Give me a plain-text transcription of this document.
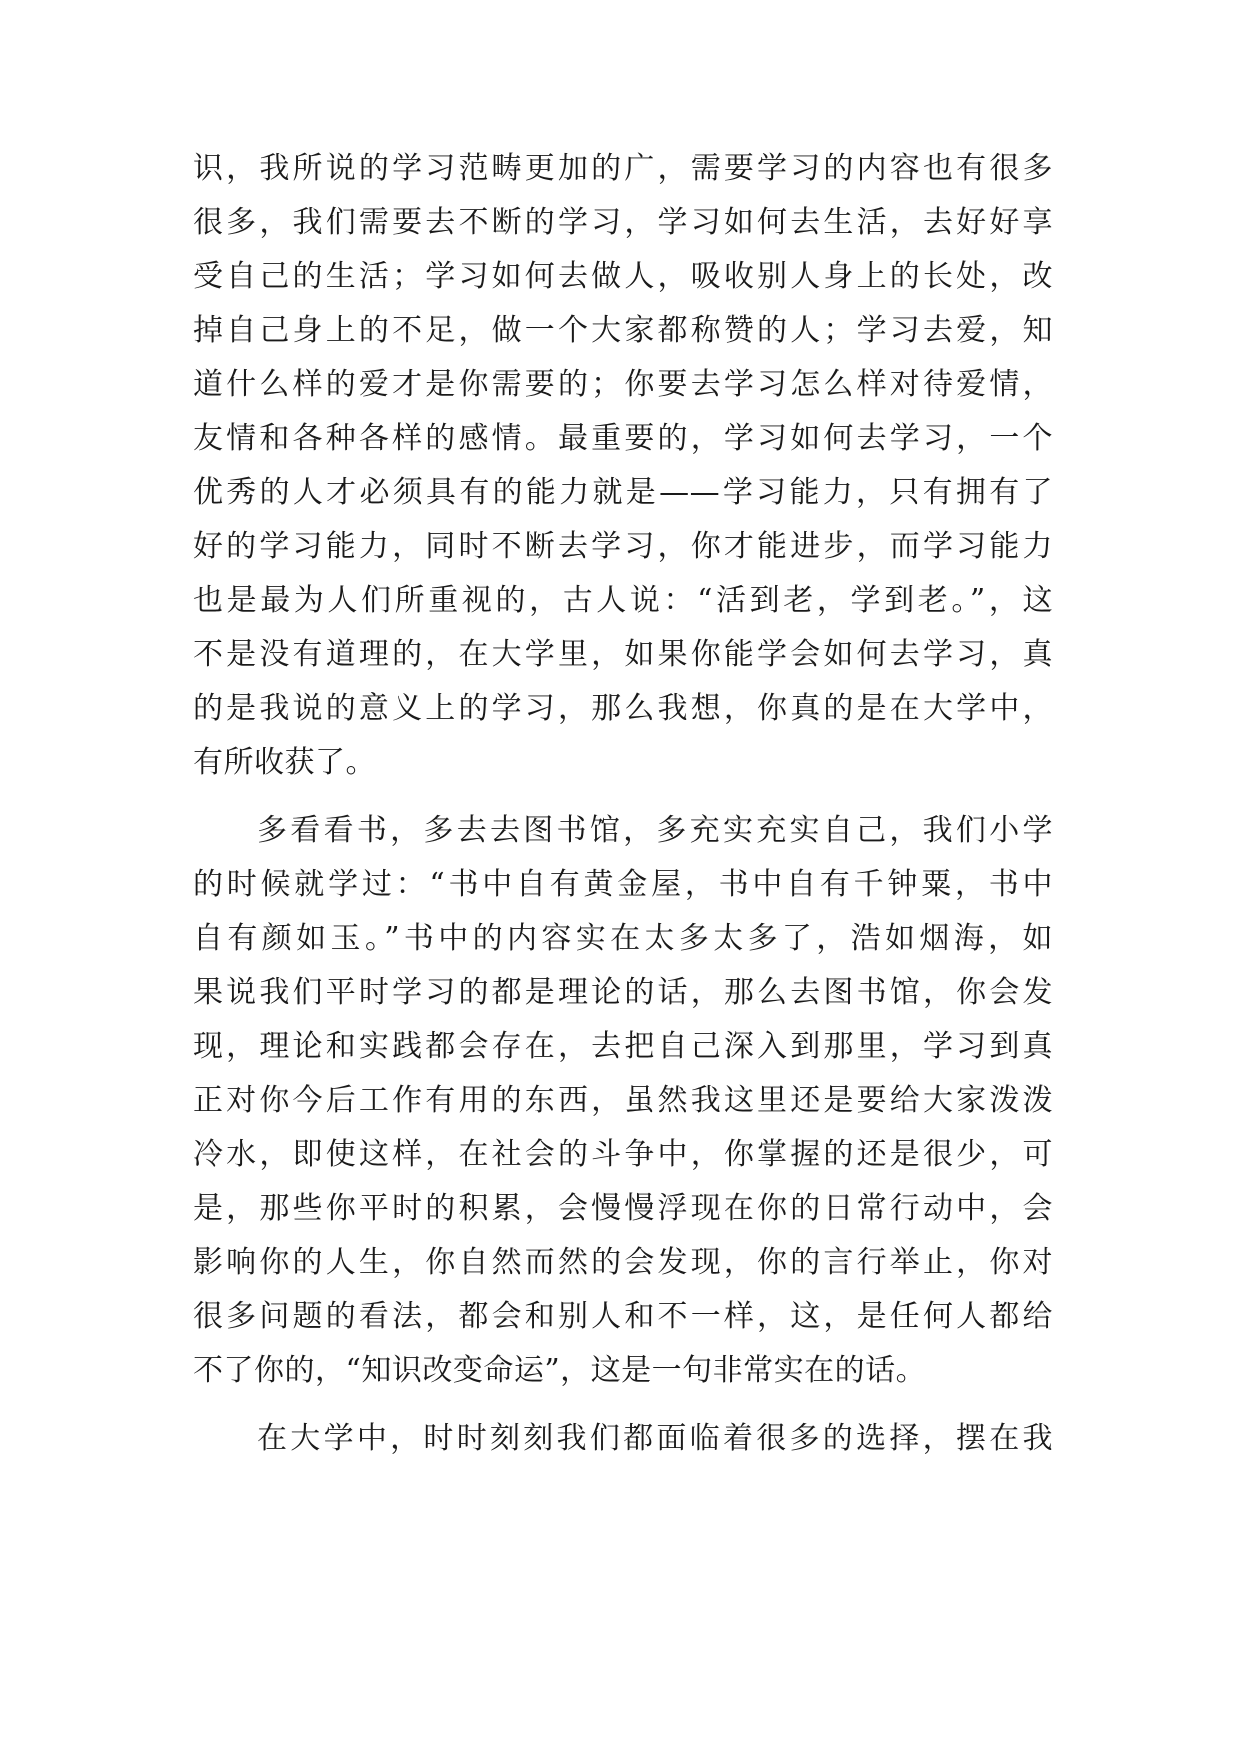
识，我所说的学习范畴更加的广，需要学习的内容也有很多
很多，我们需要去不断的学习，学习如何去生活，去好好享
受自己的生活；学习如何去做人，吸收别人身上的长处，改
掉自己身上的不足，做一个大家都称赞的人；学习去爱，知
道什么样的爱才是你需要的；你要去学习怎么样对待爱情，
友情和各种各样的感情。最重要的，学习如何去学习，一个
优秀的人才必须具有的能力就是——学习能力，只有拥有了
好的学习能力，同时不断去学习，你才能进步，而学习能力
也是最为人们所重视的，古人说：“活到老，学到老。”，这
不是没有道理的，在大学里，如果你能学会如何去学习，真
的是我说的意义上的学习，那么我想，你真的是在大学中，
有所收获了。
多看看书，多去去图书馆，多充实充实自己，我们小学
的时候就学过：“书中自有黄金屋，书中自有千钟粟，书中
自有颜如玉。”书中的内容实在太多太多了，浩如烟海，如
果说我们平时学习的都是理论的话，那么去图书馆，你会发
现，理论和实践都会存在，去把自己深入到那里，学习到真
正对你今后工作有用的东西，虽然我这里还是要给大家泼泼
冷水，即使这样，在社会的斗争中，你掌握的还是很少，可
是，那些你平时的积累，会慢慢浮现在你的日常行动中，会
影响你的人生，你自然而然的会发现，你的言行举止，你对
很多问题的看法，都会和别人和不一样，这，是任何人都给
不了你的，“知识改变命运”，这是一句非常实在的话。
在大学中，时时刻刻我们都面临着很多的选择，摆在我
